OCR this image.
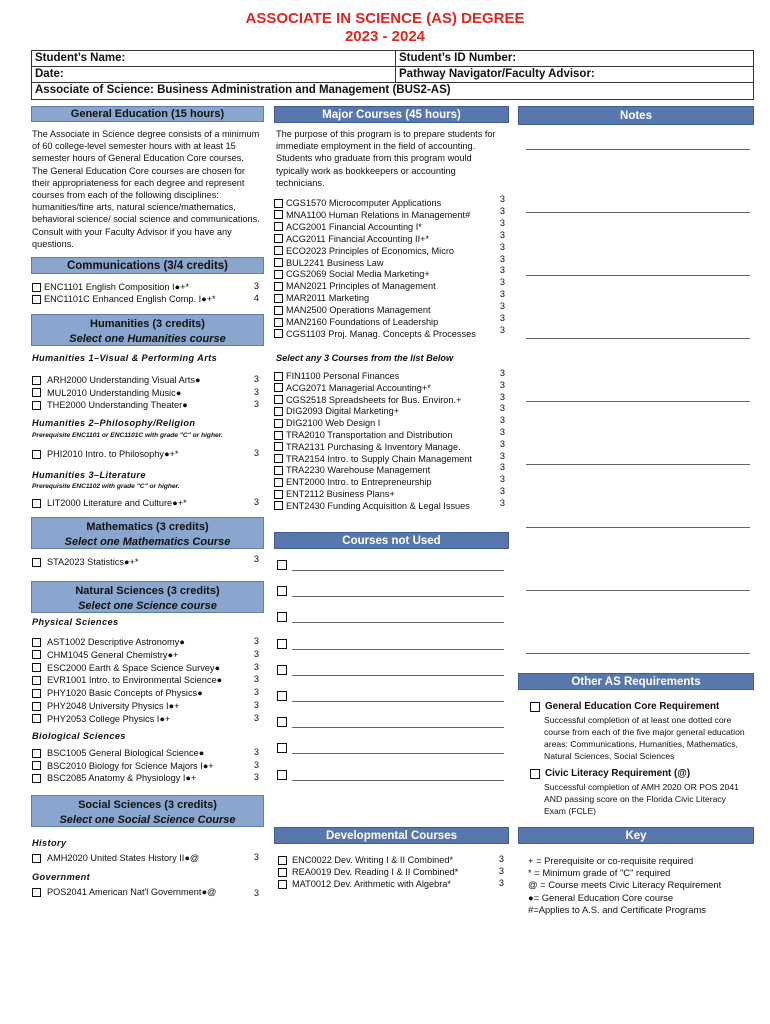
ASSOCIATE IN SCIENCE (AS) DEGREE
2023 - 2024
Student’s Name:	Student’s ID Number:
Date:	Pathway Navigator/Faculty Advisor:
Associate of Science: Business Administration and Management (BUS2-AS)
General Education (15 hours)
The Associate in Science degree consists of a minimum of 60 college-level semester hours with at least 15 semester hours of General Education Core courses. The General Education Core courses are chosen for their appropriateness for each degree and represent courses from each of the following disciplines: humanities/fine arts, natural science/mathematics, behavioral science/ social science and communications. Consult with your Faculty Advisor if you have any questions.
Communications (3/4 credits)
ENC1101 English Composition I●+*	3
ENC1101C Enhanced English Comp. I●+*	4
Humanities (3 credits)
Select one Humanities course
Humanities 1–Visual & Performing Arts
ARH2000 Understanding Visual Arts●	3
MUL2010 Understanding Music●	3
THE2000 Understanding Theater●	3
Humanities 2–Philosophy/Religion
Prerequisite ENC1101 or ENC1101C with grade "C" or higher.
PHI2010 Intro. to Philosophy●+*	3
Humanities 3–Literature
Prerequisite ENC1102 with grade "C" or higher.
LIT2000 Literature and Culture●+*	3
Mathematics (3 credits)
Select one Mathematics Course
STA2023 Statistics●+*	3
Natural Sciences (3 credits)
Select one Science course
Physical Sciences
AST1002 Descriptive Astronomy●	3
CHM1045 General Chemistry●+	3
ESC2000 Earth & Space Science Survey●	3
EVR1001 Intro. to Environmental Science●	3
PHY1020 Basic Concepts of Physics●	3
PHY2048 University Physics I●+	3
PHY2053 College Physics I●+	3
Biological Sciences
BSC1005 General Biological Science●	3
BSC2010 Biology for Science Majors I●+	3
BSC2085 Anatomy & Physiology I●+	3
Social Sciences (3 credits)
Select one Social Science Course
History
AMH2020 United States History II●@	3
Government
POS2041 American Nat'l Government●@	3
Major Courses (45 hours)
The purpose of this program is to prepare students for immediate employment in the field of accounting. Students who graduate from this program would typically work as bookkeepers or accounting technicians.
CGS1570 Microcomputer Applications	3
MNA1100 Human Relations in Management#	3
ACG2001 Financial Accounting I*	3
ACG2011 Financial Accounting II+*	3
ECO2023 Principles of Economics, Micro	3
BUL2241 Business Law	3
CGS2069 Social Media Marketing+	3
MAN2021 Principles of Management	3
MAR2011 Marketing	3
MAN2500 Operations Management	3
MAN2160 Foundations of Leadership	3
CGS1103 Proj. Manag. Concepts & Processes	3
Select any 3 Courses from the list Below
FIN1100 Personal Finances	3
ACG2071 Managerial Accounting+*	3
CGS2518 Spreadsheets for Bus. Environ.+	3
DIG2093 Digital Marketing+	3
DIG2100 Web Design I	3
TRA2010 Transportation and Distribution	3
TRA2131 Purchasing & Inventory Manage.	3
TRA2154 Intro. to Supply Chain Management	3
TRA2230 Warehouse Management	3
ENT2000 Intro. to Entrepreneurship	3
ENT2112 Business Plans+	3
ENT2430 Funding Acquisition & Legal Issues	3
Courses not Used
Developmental Courses
ENC0022 Dev. Writing I & II Combined*	3
REA0019 Dev. Reading I & II Combined*	3
MAT0012 Dev. Arithmetic with Algebra*	3
Notes
Other AS Requirements
General Education Core Requirement
Successful completion of at least one dotted core course from each of the five major general education areas: Communications, Humanities, Mathematics, Natural Sciences, Social Sciences
Civic Literacy Requirement (@)
Successful completion of AMH 2020 OR POS 2041 AND passing score on the Florida Civic Literacy Exam (FCLE)
Key
+ = Prerequisite or co-requisite required
* = Minimum grade of "C" required
@ = Course meets Civic Literacy Requirement
●= General Education Core course
#=Applies to A.S. and Certificate Programs
